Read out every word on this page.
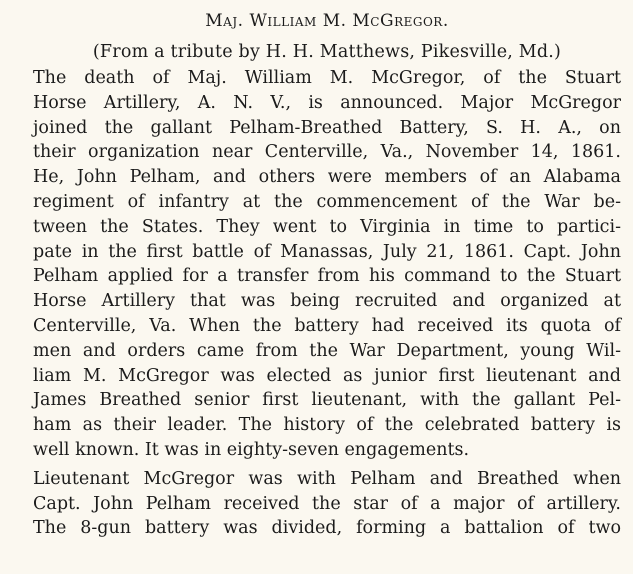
Maj. William M. McGregor.
(From a tribute by H. H. Matthews, Pikesville, Md.)
The death of Maj. William M. McGregor, of the Stuart
Horse Artillery, A. N. V., is announced. Major McGregor
joined the gallant Pelham-Breathed Battery, S. H. A., on
their organization near Centerville, Va., November 14, 1861.
He, John Pelham, and others were members of an Alabama
regiment of infantry at the commencement of the War be-
tween the States. They went to Virginia in time to partici-
pate in the first battle of Manassas, July 21, 1861. Capt. John
Pelham applied for a transfer from his command to the Stuart
Horse Artillery that was being recruited and organized at
Centerville, Va. When the battery had received its quota of
men and orders came from the War Department, young Wil-
liam M. McGregor was elected as junior first lieutenant and
James Breathed senior first lieutenant, with the gallant Pel-
ham as their leader. The history of the celebrated battery is
well known. It was in eighty-seven engagements.
Lieutenant McGregor was with Pelham and Breathed when
Capt. John Pelham received the star of a major of artillery.
The 8-gun battery was divided, forming a battalion of two
